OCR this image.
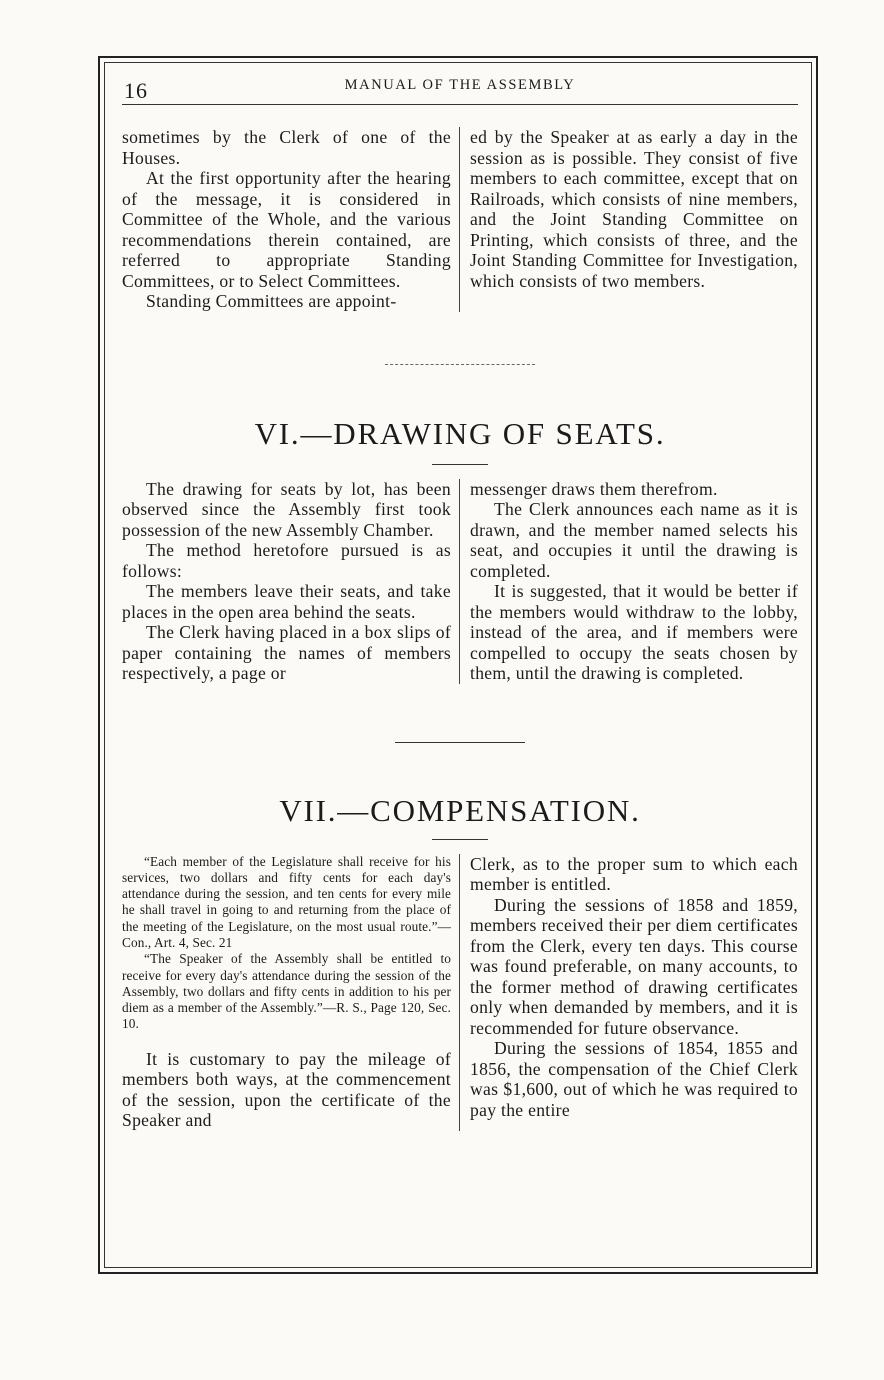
16	MANUAL OF THE ASSEMBLY

sometimes by the Clerk of one of the Houses.

At the first opportunity after the hearing of the message, it is considered in Committee of the Whole, and the various recommendations therein contained, are referred to appropriate Standing Committees, or to Select Committees.

Standing Committees are appoint-

ed by the Speaker at as early a day in the session as is possible. They consist of five members to each committee, except that on Railroads, which consists of nine members, and the Joint Standing Committee on Printing, which consists of three, and the Joint Standing Committee for Investigation, which consists of two members.

VI.—DRAWING OF SEATS.

The drawing for seats by lot, has been observed since the Assembly first took possession of the new Assembly Chamber.

The method heretofore pursued is as follows:

The members leave their seats, and take places in the open area behind the seats.

The Clerk having placed in a box slips of paper containing the names of members respectively, a page or

messenger draws them therefrom.

The Clerk announces each name as it is drawn, and the member named selects his seat, and occupies it until the drawing is completed.

It is suggested, that it would be better if the members would withdraw to the lobby, instead of the area, and if members were compelled to occupy the seats chosen by them, until the drawing is completed.

VII.—COMPENSATION.

“Each member of the Legislature shall receive for his services, two dollars and fifty cents for each day's attendance during the session, and ten cents for every mile he shall travel in going to and returning from the place of the meeting of the Legislature, on the most usual route.”—Con., Art. 4, Sec. 21

“The Speaker of the Assembly shall be entitled to receive for every day's attendance during the session of the Assembly, two dollars and fifty cents in addition to his per diem as a member of the Assembly.”—R. S., Page 120, Sec. 10.

It is customary to pay the mileage of members both ways, at the commencement of the session, upon the certificate of the Speaker and

Clerk, as to the proper sum to which each member is entitled.

During the sessions of 1858 and 1859, members received their per diem certificates from the Clerk, every ten days. This course was found preferable, on many accounts, to the former method of drawing certificates only when demanded by members, and it is recommended for future observance.

During the sessions of 1854, 1855 and 1856, the compensation of the Chief Clerk was $1,600, out of which he was required to pay the entire
